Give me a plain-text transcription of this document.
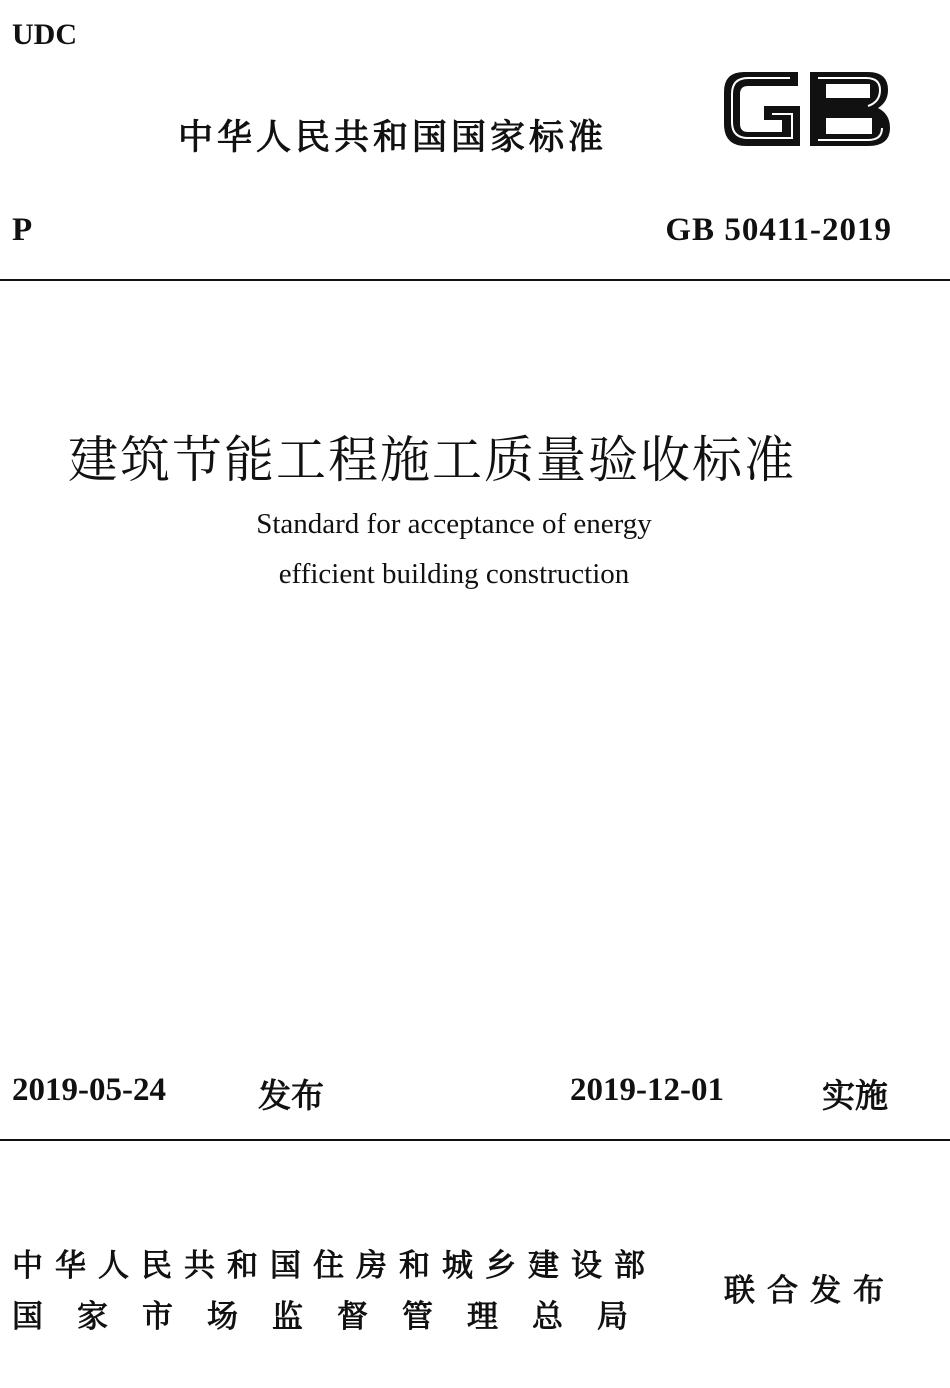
UDC
中华人民共和国国家标准
P	GB 50411-2019
建筑节能工程施工质量验收标准
Standard for acceptance of energy
efficient building construction
2019-05-24	发布	2019-12-01	实施
中华人民共和国住房和城乡建设部
国家市场监督管理总局
联合发布
